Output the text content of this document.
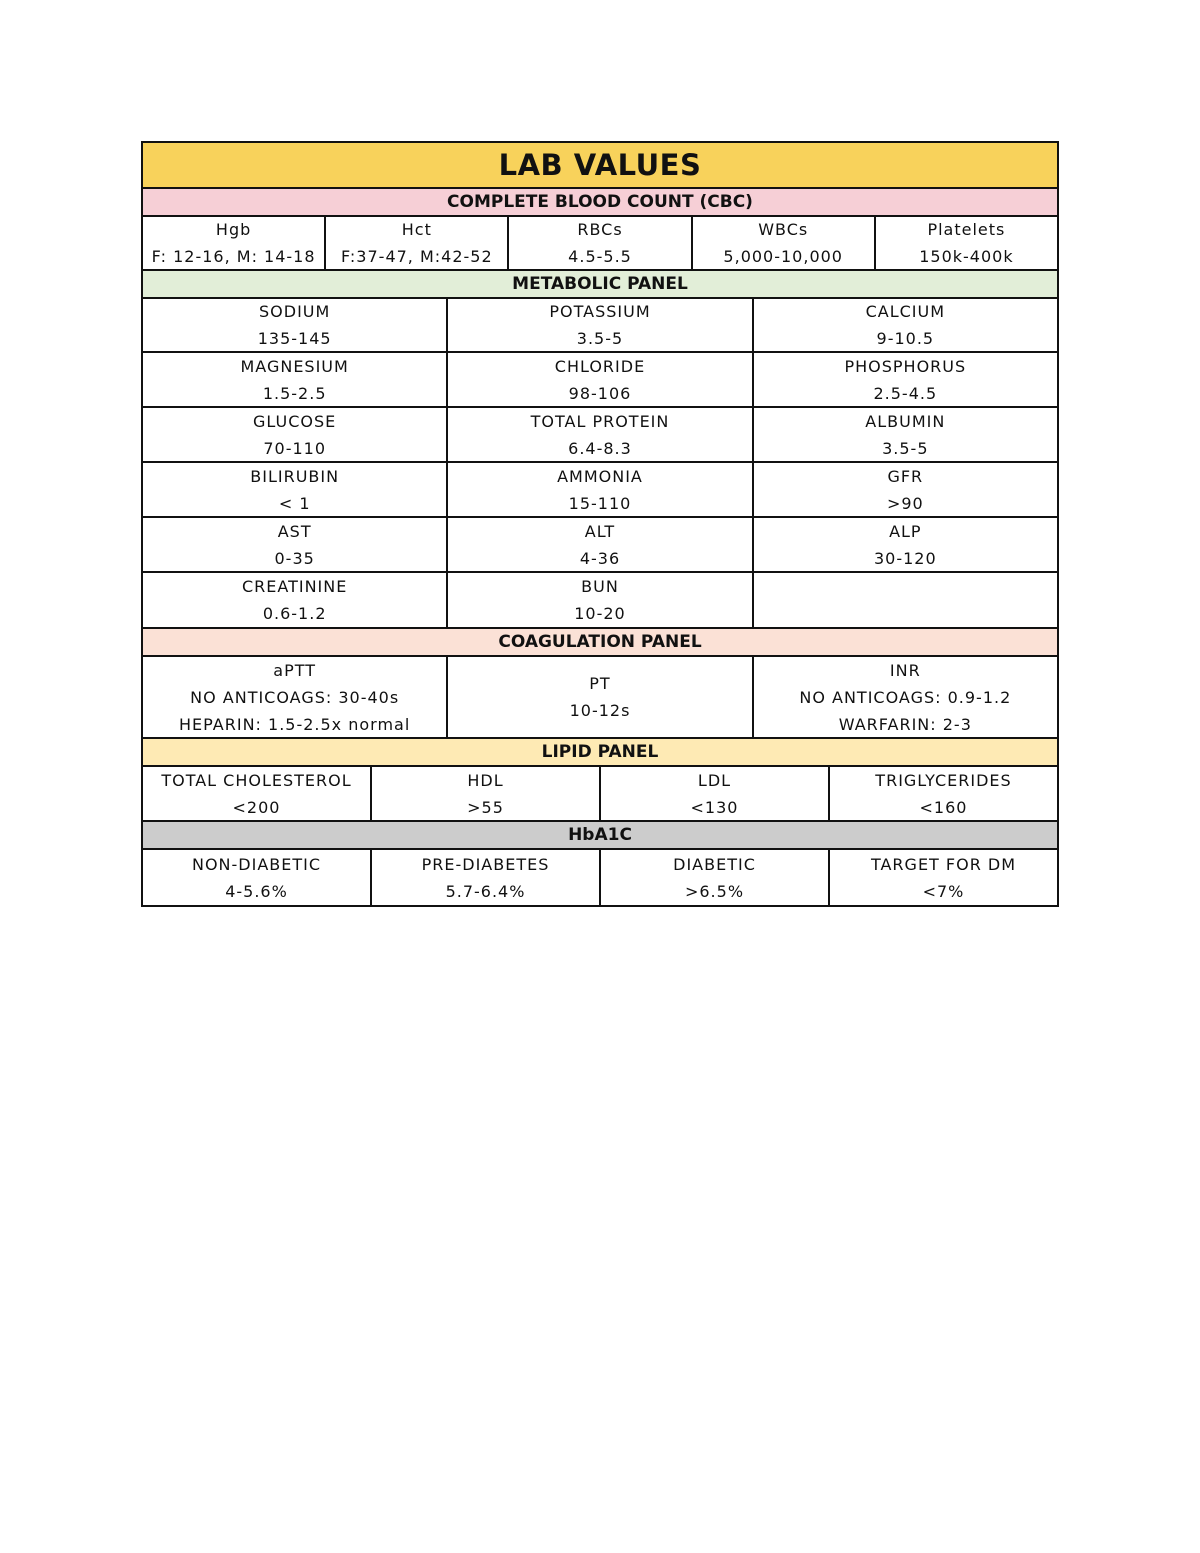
LAB VALUES
COMPLETE BLOOD COUNT (CBC)
Hgb
F: 12-16, M: 14-18
Hct
F:37-47, M:42-52
RBCs
4.5-5.5
WBCs
5,000-10,000
Platelets
150k-400k
METABOLIC PANEL
SODIUM
135-145
POTASSIUM
3.5-5
CALCIUM
9-10.5
MAGNESIUM
1.5-2.5
CHLORIDE
98-106
PHOSPHORUS
2.5-4.5
GLUCOSE
70-110
TOTAL PROTEIN
6.4-8.3
ALBUMIN
3.5-5
BILIRUBIN
< 1
AMMONIA
15-110
GFR
>90
AST
0-35
ALT
4-36
ALP
30-120
CREATININE
0.6-1.2
BUN
10-20
COAGULATION PANEL
aPTT
NO ANTICOAGS: 30-40s
HEPARIN: 1.5-2.5x normal
PT
10-12s
INR
NO ANTICOAGS: 0.9-1.2
WARFARIN: 2-3
LIPID PANEL
TOTAL CHOLESTEROL
<200
HDL
>55
LDL
<130
TRIGLYCERIDES
<160
HbA1C
NON-DIABETIC
4-5.6%
PRE-DIABETES
5.7-6.4%
DIABETIC
>6.5%
TARGET FOR DM
<7%
